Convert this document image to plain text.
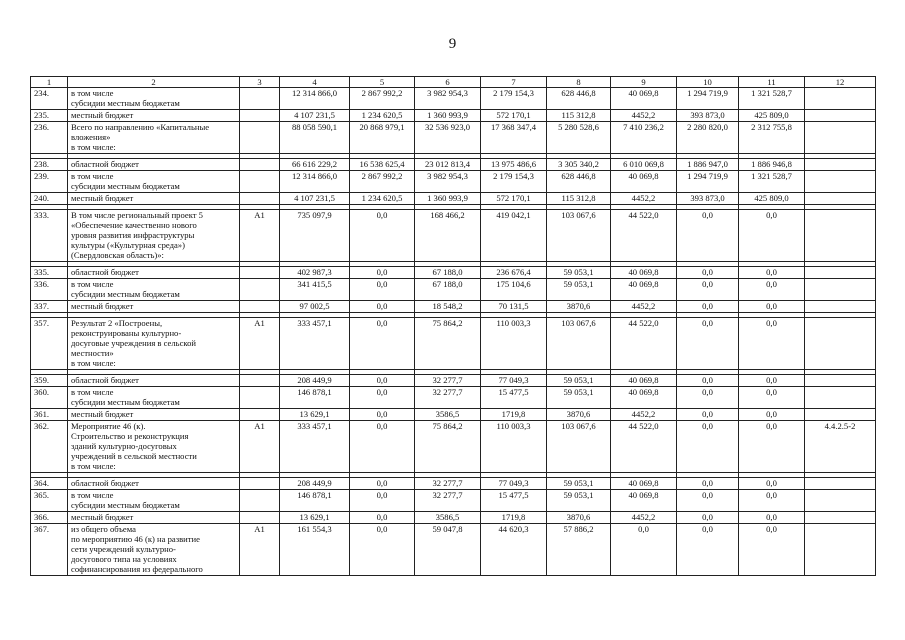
9
1	2	3	4	5	6	7	8	9	10	11	12
234.	в том числе
субсидии местным бюджетам		12 314 866,0	2 867 992,2	3 982 954,3	2 179 154,3	628 446,8	40 069,8	1 294 719,9	1 321 528,7	
235.	местный бюджет		4 107 231,5	1 234 620,5	1 360 993,9	572 170,1	115 312,8	4452,2	393 873,0	425 809,0	
236.	Всего по направлению «Капитальные
вложения»
в том числе:		88 058 590,1	20 868 979,1	32 536 923,0	17 368 347,4	5 280 528,6	7 410 236,2	2 280 820,0	2 312 755,8	

238.	областной бюджет		66 616 229,2	16 538 625,4	23 012 813,4	13 975 486,6	3 305 340,2	6 010 069,8	1 886 947,0	1 886 946,8	
239.	в том числе
субсидии местным бюджетам		12 314 866,0	2 867 992,2	3 982 954,3	2 179 154,3	628 446,8	40 069,8	1 294 719,9	1 321 528,7	
240.	местный бюджет		4 107 231,5	1 234 620,5	1 360 993,9	572 170,1	115 312,8	4452,2	393 873,0	425 809,0	

333.	В том числе региональный проект 5
«Обеспечение качественно нового
уровня развития инфраструктуры
культуры («Культурная среда»)
(Свердловская область)»:	А1	735 097,9	0,0	168 466,2	419 042,1	103 067,6	44 522,0	0,0	0,0	

335.	областной бюджет		402 987,3	0,0	67 188,0	236 676,4	59 053,1	40 069,8	0,0	0,0	
336.	в том числе
субсидии местным бюджетам		341 415,5	0,0	67 188,0	175 104,6	59 053,1	40 069,8	0,0	0,0	
337.	местный бюджет		97 002,5	0,0	18 548,2	70 131,5	3870,6	4452,2	0,0	0,0	

357.	Результат 2 «Построены,
реконструированы культурно-
досуговые учреждения в сельской
местности»
в том числе:	А1	333 457,1	0,0	75 864,2	110 003,3	103 067,6	44 522,0	0,0	0,0	

359.	областной бюджет		208 449,9	0,0	32 277,7	77 049,3	59 053,1	40 069,8	0,0	0,0	
360.	в том числе
субсидии местным бюджетам		146 878,1	0,0	32 277,7	15 477,5	59 053,1	40 069,8	0,0	0,0	
361.	местный бюджет		13 629,1	0,0	3586,5	1719,8	3870,6	4452,2	0,0	0,0	
362.	Мероприятие 46 (к).
Строительство и реконструкция
зданий культурно-досуговых
учреждений в сельской местности
в том числе:	А1	333 457,1	0,0	75 864,2	110 003,3	103 067,6	44 522,0	0,0	0,0	4.4.2.5-2

364.	областной бюджет		208 449,9	0,0	32 277,7	77 049,3	59 053,1	40 069,8	0,0	0,0	
365.	в том числе
субсидии местным бюджетам		146 878,1	0,0	32 277,7	15 477,5	59 053,1	40 069,8	0,0	0,0	
366.	местный бюджет		13 629,1	0,0	3586,5	1719,8	3870,6	4452,2	0,0	0,0	
367.	из общего объема
по мероприятию 46 (к) на развитие
сети учреждений культурно-
досугового типа на условиях
софинансирования из федерального	А1	161 554,3	0,0	59 047,8	44 620,3	57 886,2	0,0	0,0	0,0	
